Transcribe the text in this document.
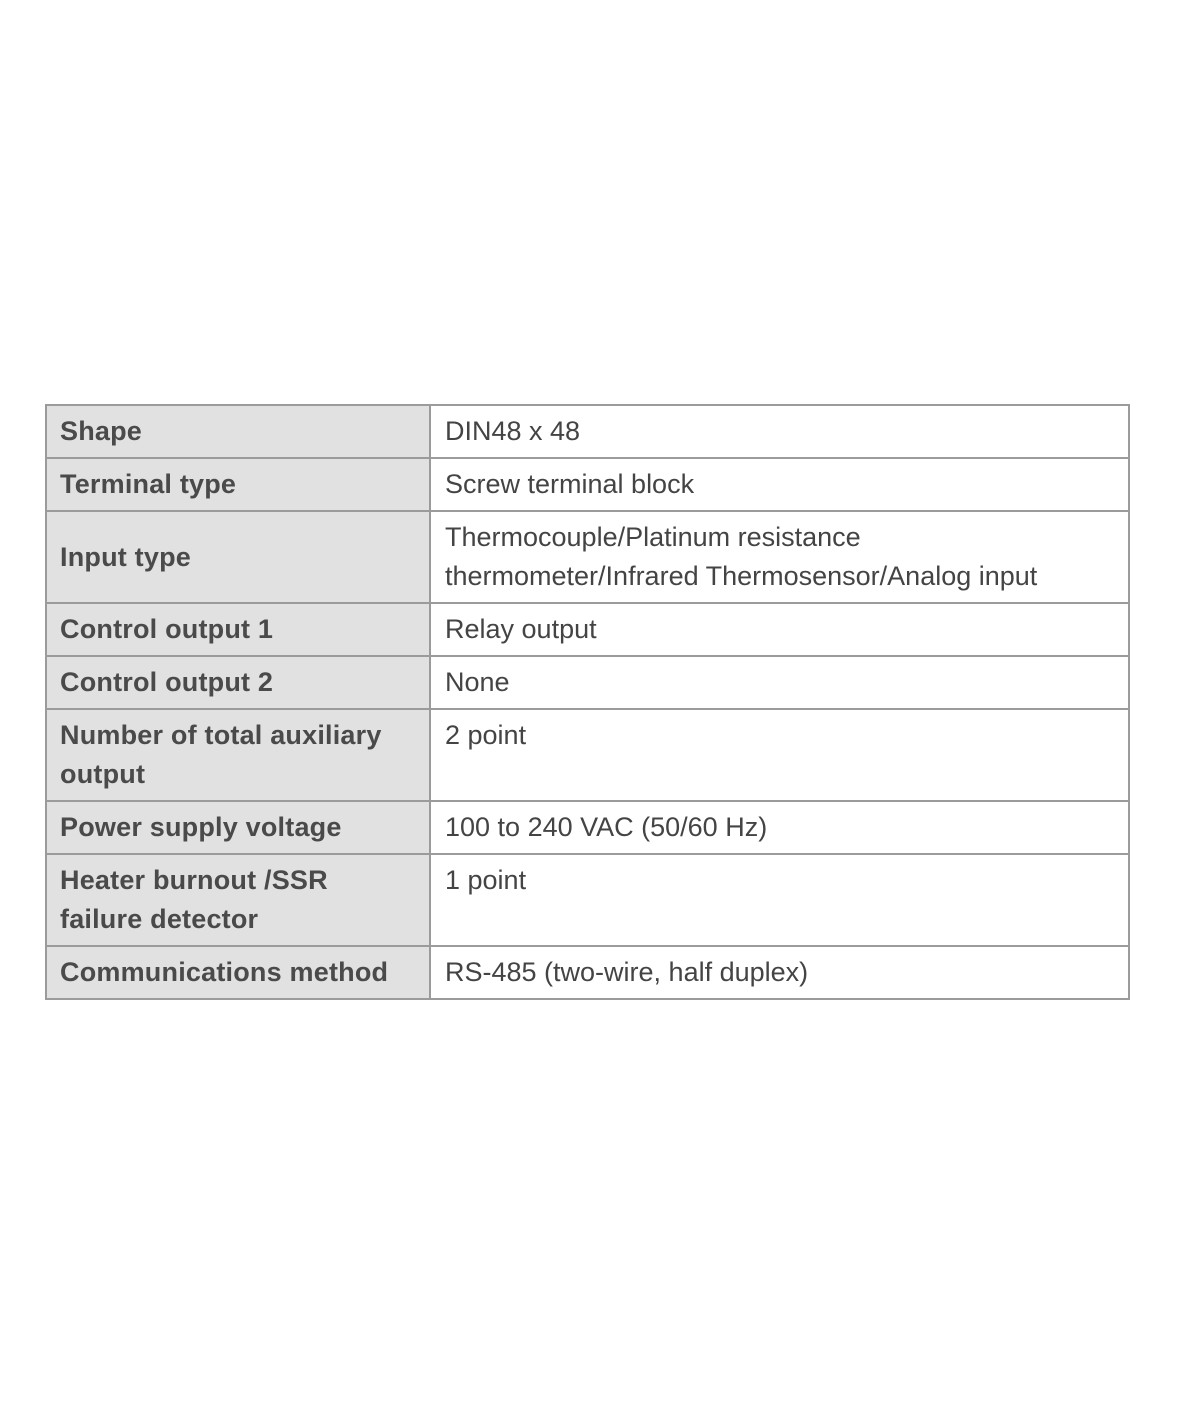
Shape	DIN48 x 48
Terminal type	Screw terminal block
Input type	Thermocouple/Platinum resistance thermometer/Infrared Thermosensor/Analog input
Control output 1	Relay output
Control output 2	None
Number of total auxiliary output	2 point
Power supply voltage	100 to 240 VAC (50/60 Hz)
Heater burnout /SSR failure detector	1 point
Communications method	RS-485 (two-wire, half duplex)
